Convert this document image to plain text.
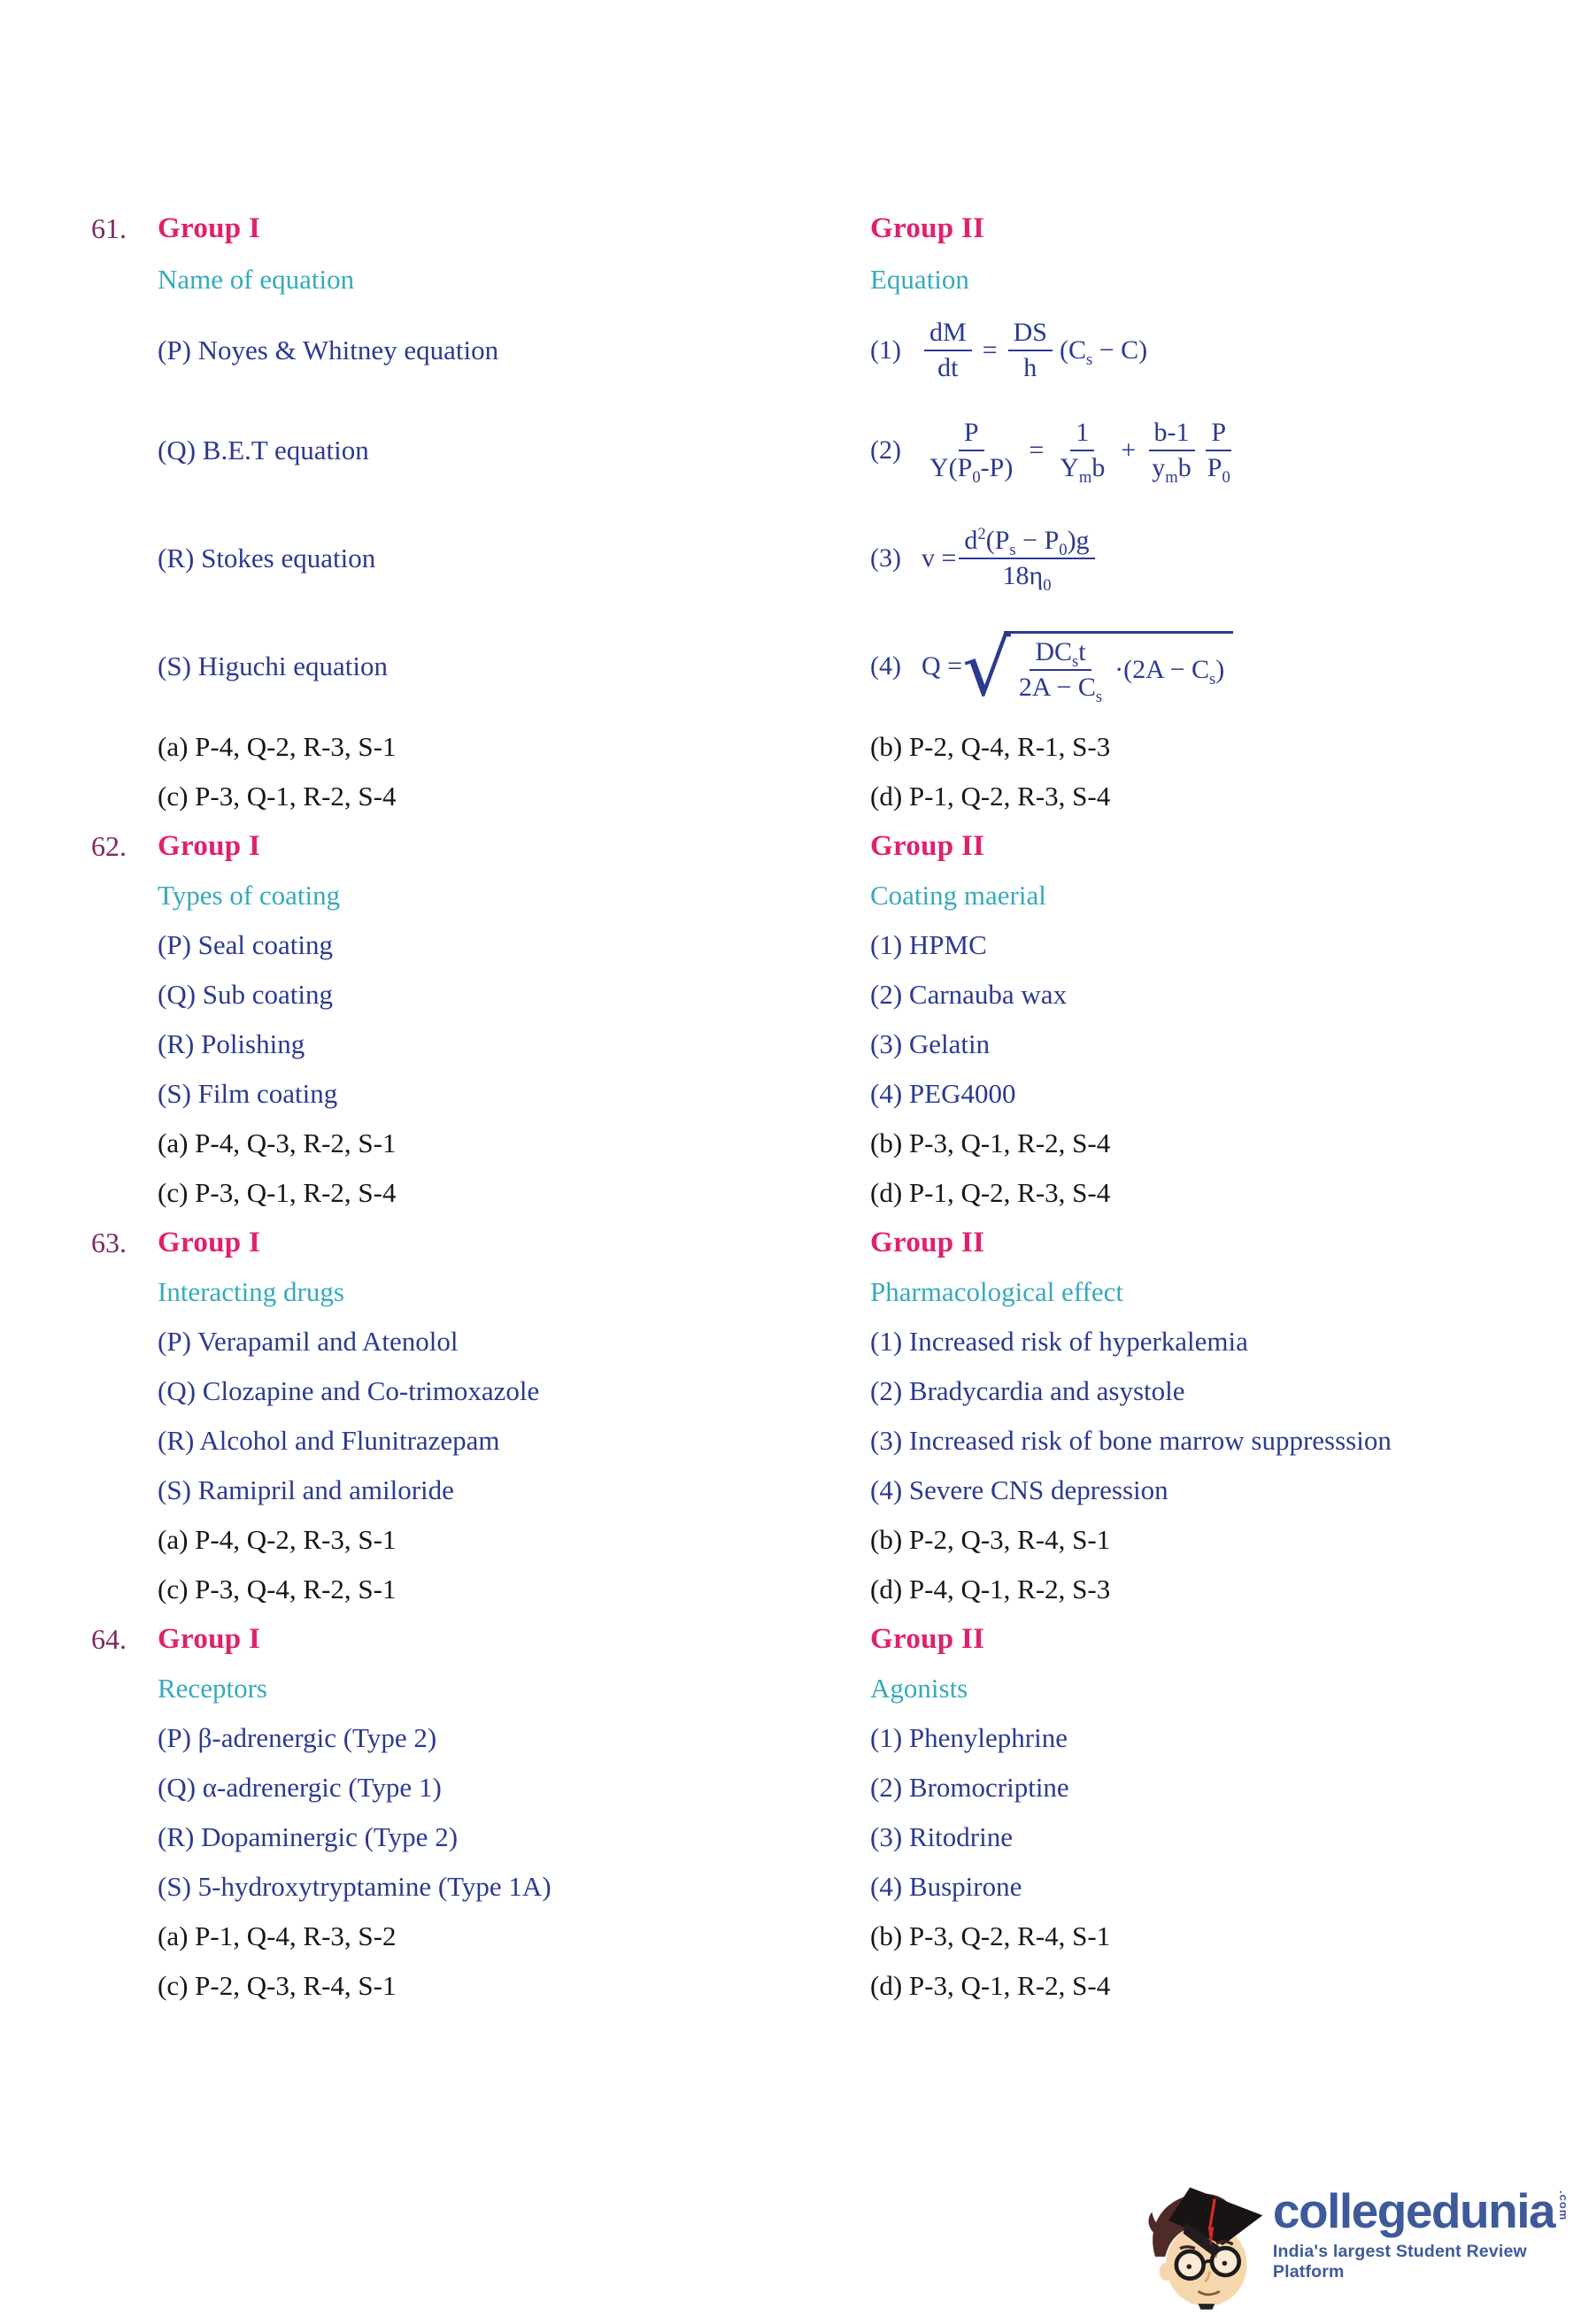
61.	Group I
Name of equation
(P) Noyes & Whitney equation
(Q) B.E.T equation
(R) Stokes equation
(S) Higuchi equation
(a) P-4, Q-2, R-3, S-1
(c) P-3, Q-1, R-2, S-4
Group II
Equation
$(1) \frac{dM}{dt} = \frac{DS}{h} (C_s - C)$
$(2) \frac{P}{Y(P_0-P)} = \frac{1}{Y_mb} + \frac{b-1}{y_mb} \frac{P}{P_0}$
(3) $v = \frac{d^2(P_s - P_0)g}{18\eta_0}$
(4) Q = √ $\frac{DC_st}{2A - C_s} \cdot(2A - C_s)$
(b) P-2, Q-4, R-1, S-3
(d) P-1, Q-2, R-3, S-4
62.	Group I
Types of coating
(P) Seal coating
(Q) Sub coating
(R) Polishing
(S) Film coating
(a) P-4, Q-3, R-2, S-1
(c) P-3, Q-1, R-2, S-4
Group II
Coating maerial
(1) HPMC
(2) Carnauba wax
(3) Gelatin
(4) PEG4000
(b) P-3, Q-1, R-2, S-4
(d) P-1, Q-2, R-3, S-4
63.	Group I
Interacting drugs
(P) Verapamil and Atenolol
(Q) Clozapine and Co-trimoxazole
(R) Alcohol and Flunitrazepam
(S) Ramipril and amiloride
(a) P-4, Q-2, R-3, S-1
(c) P-3, Q-4, R-2, S-1
Group II
Pharmacological effect
(1) Increased risk of hyperkalemia
(2) Bradycardia and asystole
(3) Increased risk of bone marrow suppresssion
(4) Severe CNS depression
(b) P-2, Q-3, R-4, S-1
(d) P-4, Q-1, R-2, S-3
64.	Group I
Receptors
(P) β-adrenergic (Type 2)
(Q) α-adrenergic (Type 1)
(R) Dopaminergic (Type 2)
(S) 5-hydroxytryptamine (Type 1A)
(a) P-1, Q-4, R-3, S-2
(c) P-2, Q-3, R-4, S-1
Group II
Agonists
(1) Phenylephrine
(2) Bromocriptine
(3) Ritodrine
(4) Buspirone
(b) P-3, Q-2, R-4, S-1
(d) P-3, Q-1, R-2, S-4
collegedunia .com
India's largest Student Review Platform
